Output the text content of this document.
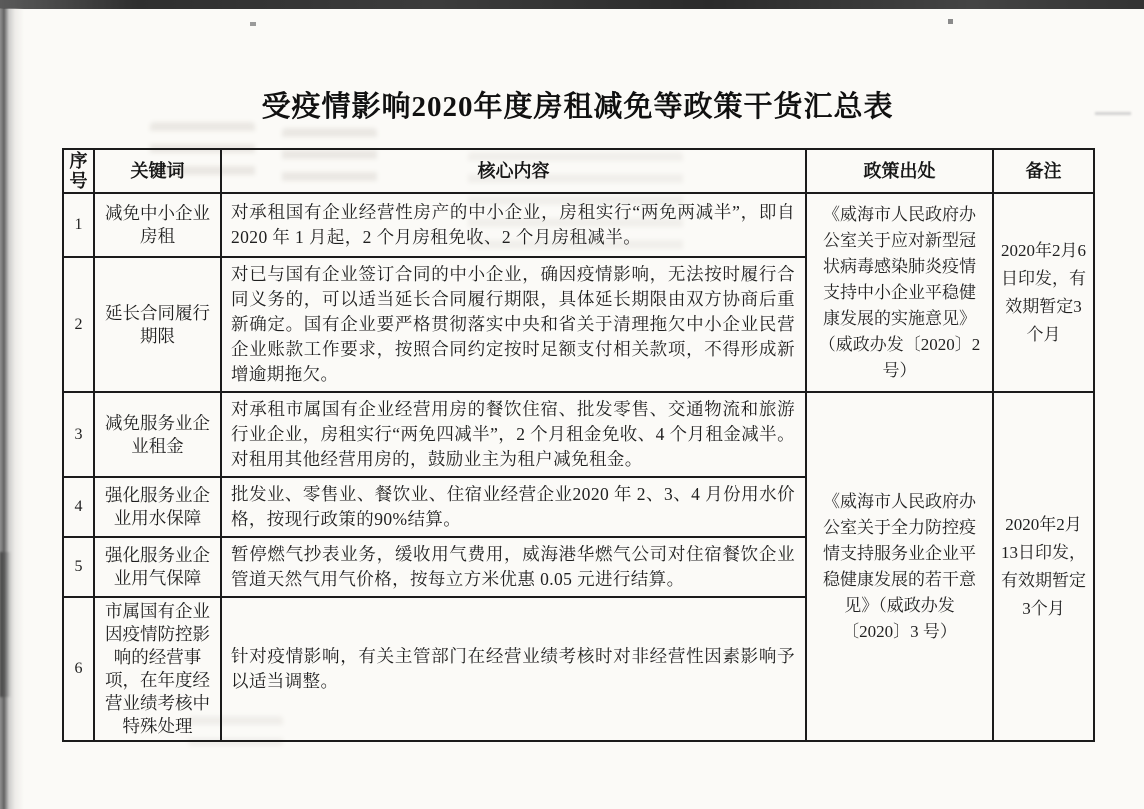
受疫情影响2020年度房租减免等政策干货汇总表
序号	关键词	核心内容	政策出处	备注
1	减免中小企业房租	对承租国有企业经营性房产的中小企业，房租实行“两免两减半”，即自 2020 年 1 月起，2 个月房租免收、2 个月房租减半。	《威海市人民政府办公室关于应对新型冠状病毒感染肺炎疫情支持中小企业平稳健康发展的实施意见》（威政办发〔2020〕2 号）	2020年2月6日印发，有效期暂定3个月
2	延长合同履行期限	对已与国有企业签订合同的中小企业，确因疫情影响，无法按时履行合同义务的，可以适当延长合同履行期限，具体延长期限由双方协商后重新确定。国有企业要严格贯彻落实中央和省关于清理拖欠中小企业民营企业账款工作要求，按照合同约定按时足额支付相关款项，不得形成新增逾期拖欠。		
3	减免服务业企业租金	对承租市属国有企业经营用房的餐饮住宿、批发零售、交通物流和旅游行业企业，房租实行“两免四减半”，2 个月租金免收、4 个月租金减半。对租用其他经营用房的，鼓励业主为租户减免租金。	《威海市人民政府办公室关于全力防控疫情支持服务业企业平稳健康发展的若干意见》（威政办发〔2020〕3 号）	2020年2月13日印发，有效期暂定3个月
4	强化服务业企业用水保障	批发业、零售业、餐饮业、住宿业经营企业2020 年 2、3、4 月份用水价格，按现行政策的90%结算。		
5	强化服务业企业用气保障	暂停燃气抄表业务，缓收用气费用，威海港华燃气公司对住宿餐饮企业管道天然气用气价格，按每立方米优惠 0.05 元进行结算。		
6	市属国有企业因疫情防控影响的经营事项，在年度经营业绩考核中特殊处理	针对疫情影响，有关主管部门在经营业绩考核时对非经营性因素影响予以适当调整。		
